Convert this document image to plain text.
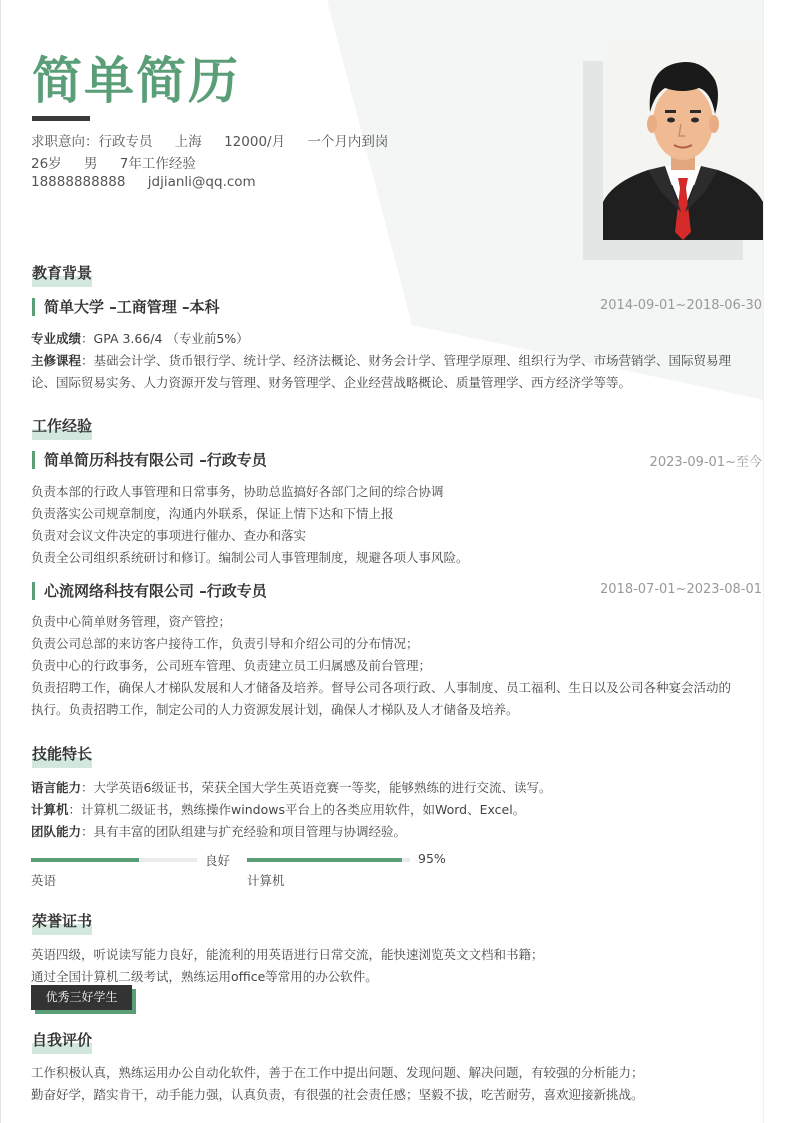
简单简历
求职意向：行政专员 上海 12000/月 一个月内到岗
26岁 男 7年工作经验
18888888888 jdjianli@qq.com
教育背景
简单大学 –工商管理 –本科	2014-09-01~2018-06-30
专业成绩：GPA 3.66/4 （专业前5%）
主修课程：基础会计学、货币银行学、统计学、经济法概论、财务会计学、管理学原理、组织行为学、市场营销学、国际贸易理
论、国际贸易实务、人力资源开发与管理、财务管理学、企业经营战略概论、质量管理学、西方经济学等等。
工作经验
简单简历科技有限公司 –行政专员	2023-09-01~至今
负责本部的行政人事管理和日常事务，协助总监搞好各部门之间的综合协调
负责落实公司规章制度，沟通内外联系，保证上情下达和下情上报
负责对会议文件决定的事项进行催办、查办和落实
负责全公司组织系统研讨和修订。编制公司人事管理制度，规避各项人事风险。
心流网络科技有限公司 –行政专员	2018-07-01~2023-08-01
负责中心简单财务管理，资产管控；
负责公司总部的来访客户接待工作，负责引导和介绍公司的分布情况；
负责中心的行政事务，公司班车管理、负责建立员工归属感及前台管理；
负责招聘工作，确保人才梯队发展和人才储备及培养。督导公司各项行政、人事制度、员工福利、生日以及公司各种宴会活动的
执行。负责招聘工作，制定公司的人力资源发展计划，确保人才梯队及人才储备及培养。
技能特长
语言能力：大学英语6级证书，荣获全国大学生英语竞赛一等奖，能够熟练的进行交流、读写。
计算机：计算机二级证书，熟练操作windows平台上的各类应用软件，如Word、Excel。
团队能力：具有丰富的团队组建与扩充经验和项目管理与协调经验。
良好
英语
95%
计算机
荣誉证书
英语四级，听说读写能力良好，能流利的用英语进行日常交流，能快速浏览英文文档和书籍；
通过全国计算机二级考试，熟练运用office等常用的办公软件。
优秀三好学生
自我评价
工作积极认真，熟练运用办公自动化软件，善于在工作中提出问题、发现问题、解决问题，有较强的分析能力；
勤奋好学，踏实肯干，动手能力强，认真负责，有很强的社会责任感；坚毅不拔，吃苦耐劳，喜欢迎接新挑战。
